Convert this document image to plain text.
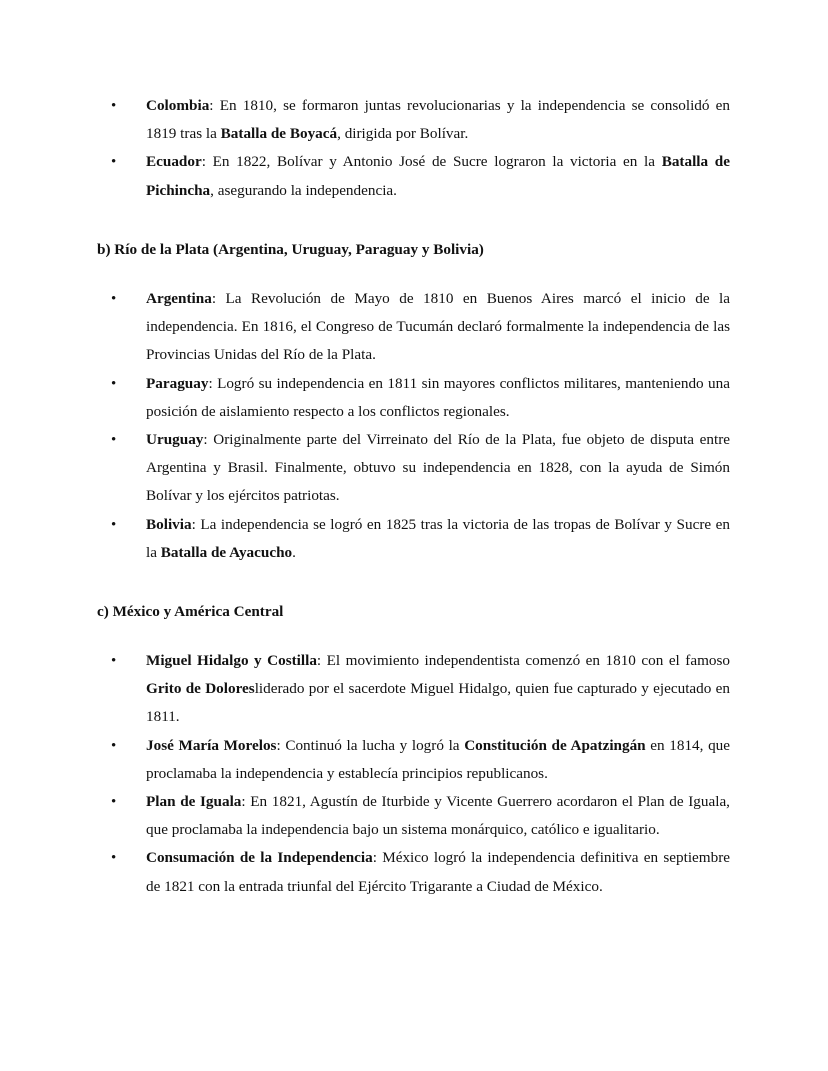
• Colombia: En 1810, se formaron juntas revolucionarias y la independencia se consolidó en 1819 tras la Batalla de Boyacá, dirigida por Bolívar.
• Ecuador: En 1822, Bolívar y Antonio José de Sucre lograron la victoria en la Batalla de Pichincha, asegurando la independencia.
b) Río de la Plata (Argentina, Uruguay, Paraguay y Bolivia)
• Argentina: La Revolución de Mayo de 1810 en Buenos Aires marcó el inicio de la independencia. En 1816, el Congreso de Tucumán declaró formalmente la independencia de las Provincias Unidas del Río de la Plata.
• Paraguay: Logró su independencia en 1811 sin mayores conflictos militares, manteniendo una posición de aislamiento respecto a los conflictos regionales.
• Uruguay: Originalmente parte del Virreinato del Río de la Plata, fue objeto de disputa entre Argentina y Brasil. Finalmente, obtuvo su independencia en 1828, con la ayuda de Simón Bolívar y los ejércitos patriotas.
• Bolivia: La independencia se logró en 1825 tras la victoria de las tropas de Bolívar y Sucre en la Batalla de Ayacucho.
c) México y América Central
• Miguel Hidalgo y Costilla: El movimiento independentista comenzó en 1810 con el famoso Grito de Doloresliderado por el sacerdote Miguel Hidalgo, quien fue capturado y ejecutado en 1811.
• José María Morelos: Continuó la lucha y logró la Constitución de Apatzingán en 1814, que proclamaba la independencia y establecía principios republicanos.
• Plan de Iguala: En 1821, Agustín de Iturbide y Vicente Guerrero acordaron el Plan de Iguala, que proclamaba la independencia bajo un sistema monárquico, católico e igualitario.
• Consumación de la Independencia: México logró la independencia definitiva en septiembre de 1821 con la entrada triunfal del Ejército Trigarante a Ciudad de México.
